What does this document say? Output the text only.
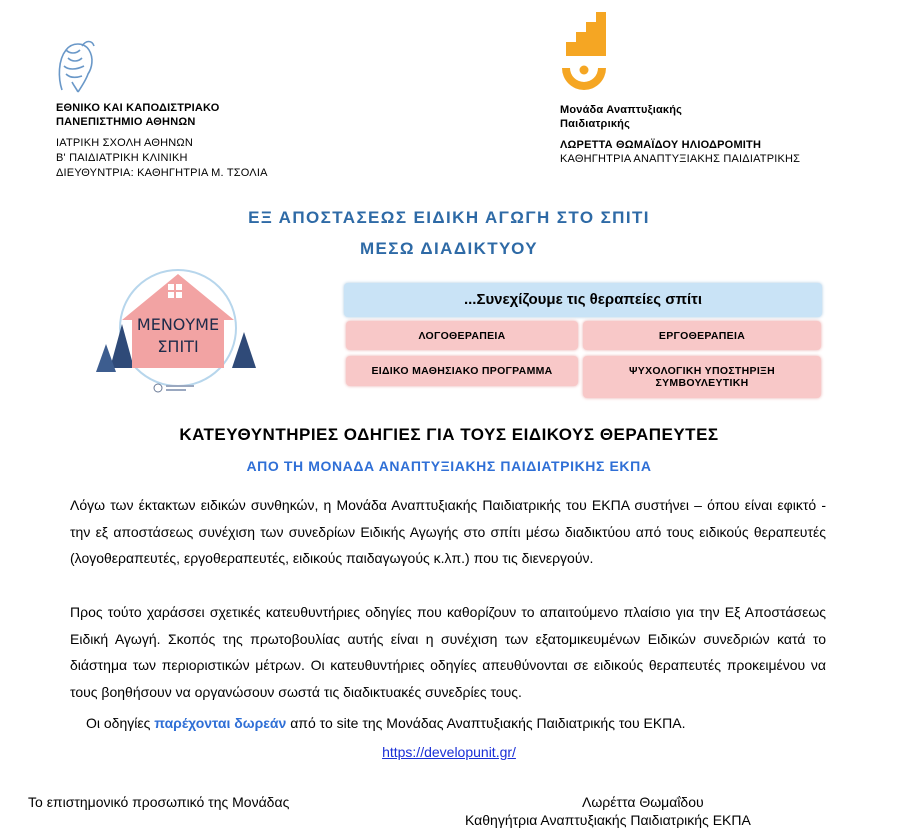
ΕΘΝΙΚΟ ΚΑΙ ΚΑΠΟΔΙΣΤΡΙΑΚΟ
ΠΑΝΕΠΙΣΤΗΜΙΟ ΑΘΗΝΩΝ
ΙΑΤΡΙΚΗ ΣΧΟΛΗ ΑΘΗΝΩΝ
Β' ΠΑΙΔΙΑΤΡΙΚΗ ΚΛΙΝΙΚΗ
ΔΙΕΥΘΥΝΤΡΙΑ: ΚΑΘΗΓΗΤΡΙΑ Μ. ΤΣΟΛΙΑ
Μονάδα Αναπτυξιακής
Παιδιατρικής
ΛΩΡΕΤΤΑ ΘΩΜΑΪΔΟΥ ΗΛΙΟΔΡΟΜΙΤΗ
ΚΑΘΗΓΗΤΡΙΑ ΑΝΑΠΤΥΞΙΑΚΗΣ ΠΑΙΔΙΑΤΡΙΚΗΣ
ΕΞ ΑΠΟΣΤΑΣΕΩΣ ΕΙΔΙΚΗ ΑΓΩΓΗ ΣΤΟ ΣΠΙΤΙ
ΜΕΣΩ ΔΙΑΔΙΚΤΥΟΥ
ΜΕΝΟΥΜΕ
ΣΠΙΤΙ
...Συνεχίζουμε τις θεραπείες σπίτι
ΛΟΓΟΘΕΡΑΠΕΙΑ	ΕΡΓΟΘΕΡΑΠΕΙΑ
ΕΙΔΙΚΟ ΜΑΘΗΣΙΑΚΟ ΠΡΟΓΡΑΜΜΑ	ΨΥΧΟΛΟΓΙΚΗ ΥΠΟΣΤΗΡΙΞΗ
ΣΥΜΒΟΥΛΕΥΤΙΚΗ
ΚΑΤΕΥΘΥΝΤΗΡΙΕΣ ΟΔΗΓΙΕΣ ΓΙΑ ΤΟΥΣ ΕΙΔΙΚΟΥΣ ΘΕΡΑΠΕΥΤΕΣ
ΑΠΟ ΤΗ ΜΟΝΑΔΑ ΑΝΑΠΤΥΞΙΑΚΗΣ ΠΑΙΔΙΑΤΡΙΚΗΣ ΕΚΠΑ
Λόγω των έκτακτων ειδικών συνθηκών, η Μονάδα Αναπτυξιακής Παιδιατρικής του ΕΚΠΑ συστήνει – όπου είναι εφικτό - την εξ αποστάσεως συνέχιση των συνεδρίων Ειδικής Αγωγής στο σπίτι μέσω διαδικτύου από τους ειδικούς θεραπευτές (λογοθεραπευτές, εργοθεραπευτές, ειδικούς παιδαγωγούς κ.λπ.) που τις διενεργούν.
Προς τούτο χαράσσει σχετικές κατευθυντήριες οδηγίες που καθορίζουν το απαιτούμενο πλαίσιο για την Εξ Αποστάσεως Ειδική Αγωγή. Σκοπός της πρωτοβουλίας αυτής είναι η συνέχιση των εξατομικευμένων Ειδικών συνεδριών κατά το διάστημα των περιοριστικών μέτρων. Οι κατευθυντήριες οδηγίες απευθύνονται σε ειδικούς θεραπευτές προκειμένου να τους βοηθήσουν να οργανώσουν σωστά τις διαδικτυακές συνεδρίες τους.
Οι οδηγίες παρέχονται δωρεάν από το site της Μονάδας Αναπτυξιακής Παιδιατρικής του ΕΚΠΑ.
https://developunit.gr/
Το επιστημονικό προσωπικό της Μονάδας	Λωρέττα Θωμαΐδου
Καθηγήτρια Αναπτυξιακής Παιδιατρικής ΕΚΠΑ
